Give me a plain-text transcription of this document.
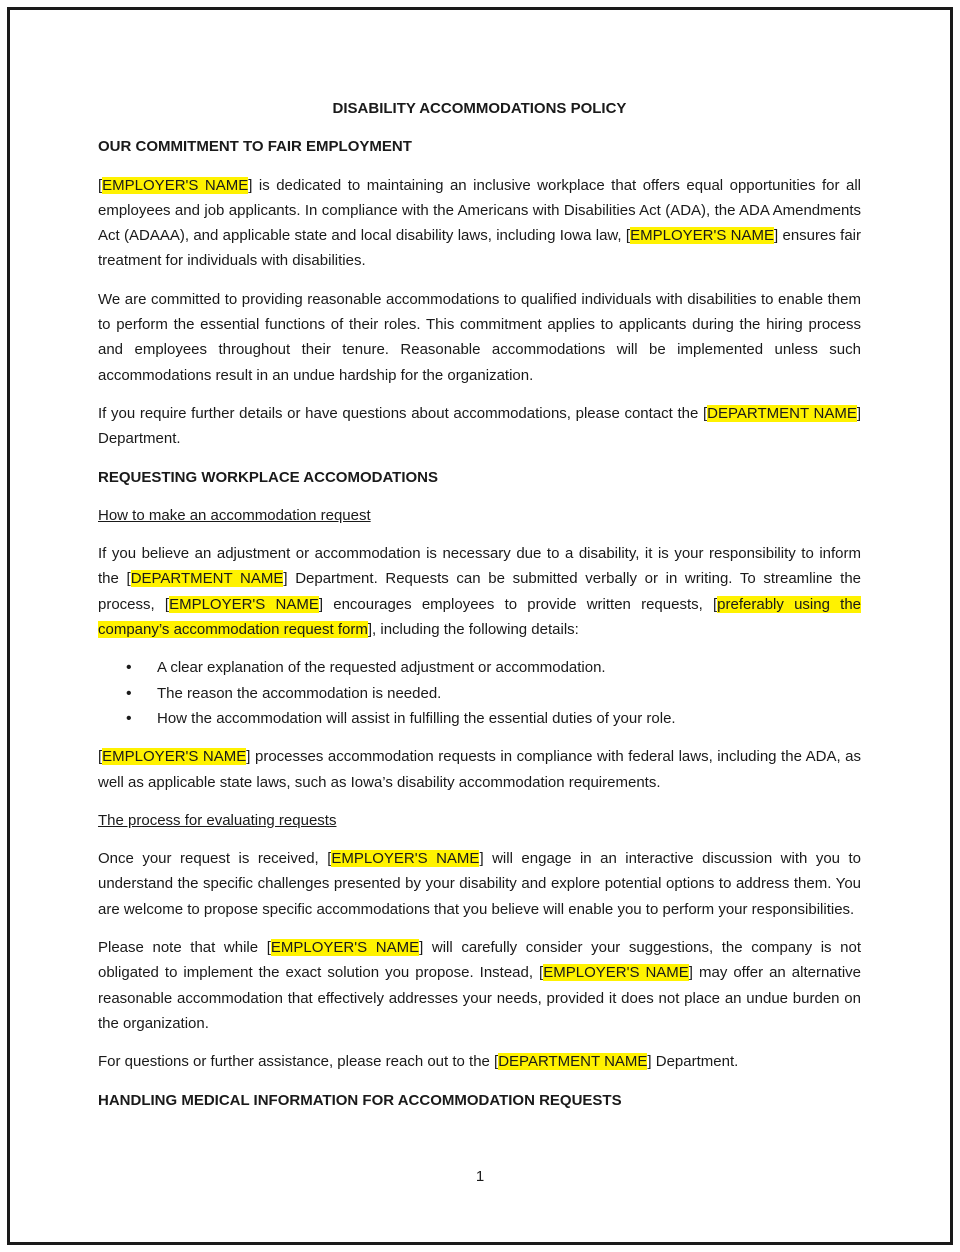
DISABILITY ACCOMMODATIONS POLICY
OUR COMMITMENT TO FAIR EMPLOYMENT
[EMPLOYER'S NAME] is dedicated to maintaining an inclusive workplace that offers equal opportunities for all employees and job applicants. In compliance with the Americans with Disabilities Act (ADA), the ADA Amendments Act (ADAAA), and applicable state and local disability laws, including Iowa law, [EMPLOYER'S NAME] ensures fair treatment for individuals with disabilities.
We are committed to providing reasonable accommodations to qualified individuals with disabilities to enable them to perform the essential functions of their roles. This commitment applies to applicants during the hiring process and employees throughout their tenure. Reasonable accommodations will be implemented unless such accommodations result in an undue hardship for the organization.
If you require further details or have questions about accommodations, please contact the [DEPARTMENT NAME] Department.
REQUESTING WORKPLACE ACCOMODATIONS
How to make an accommodation request
If you believe an adjustment or accommodation is necessary due to a disability, it is your responsibility to inform the [DEPARTMENT NAME] Department. Requests can be submitted verbally or in writing. To streamline the process, [EMPLOYER'S NAME] encourages employees to provide written requests, [preferably using the company’s accommodation request form], including the following details:
• A clear explanation of the requested adjustment or accommodation.
• The reason the accommodation is needed.
• How the accommodation will assist in fulfilling the essential duties of your role.
[EMPLOYER'S NAME] processes accommodation requests in compliance with federal laws, including the ADA, as well as applicable state laws, such as Iowa’s disability accommodation requirements.
The process for evaluating requests
Once your request is received, [EMPLOYER'S NAME] will engage in an interactive discussion with you to understand the specific challenges presented by your disability and explore potential options to address them. You are welcome to propose specific accommodations that you believe will enable you to perform your responsibilities.
Please note that while [EMPLOYER'S NAME] will carefully consider your suggestions, the company is not obligated to implement the exact solution you propose. Instead, [EMPLOYER'S NAME] may offer an alternative reasonable accommodation that effectively addresses your needs, provided it does not place an undue burden on the organization.
For questions or further assistance, please reach out to the [DEPARTMENT NAME] Department.
HANDLING MEDICAL INFORMATION FOR ACCOMMODATION REQUESTS
1
